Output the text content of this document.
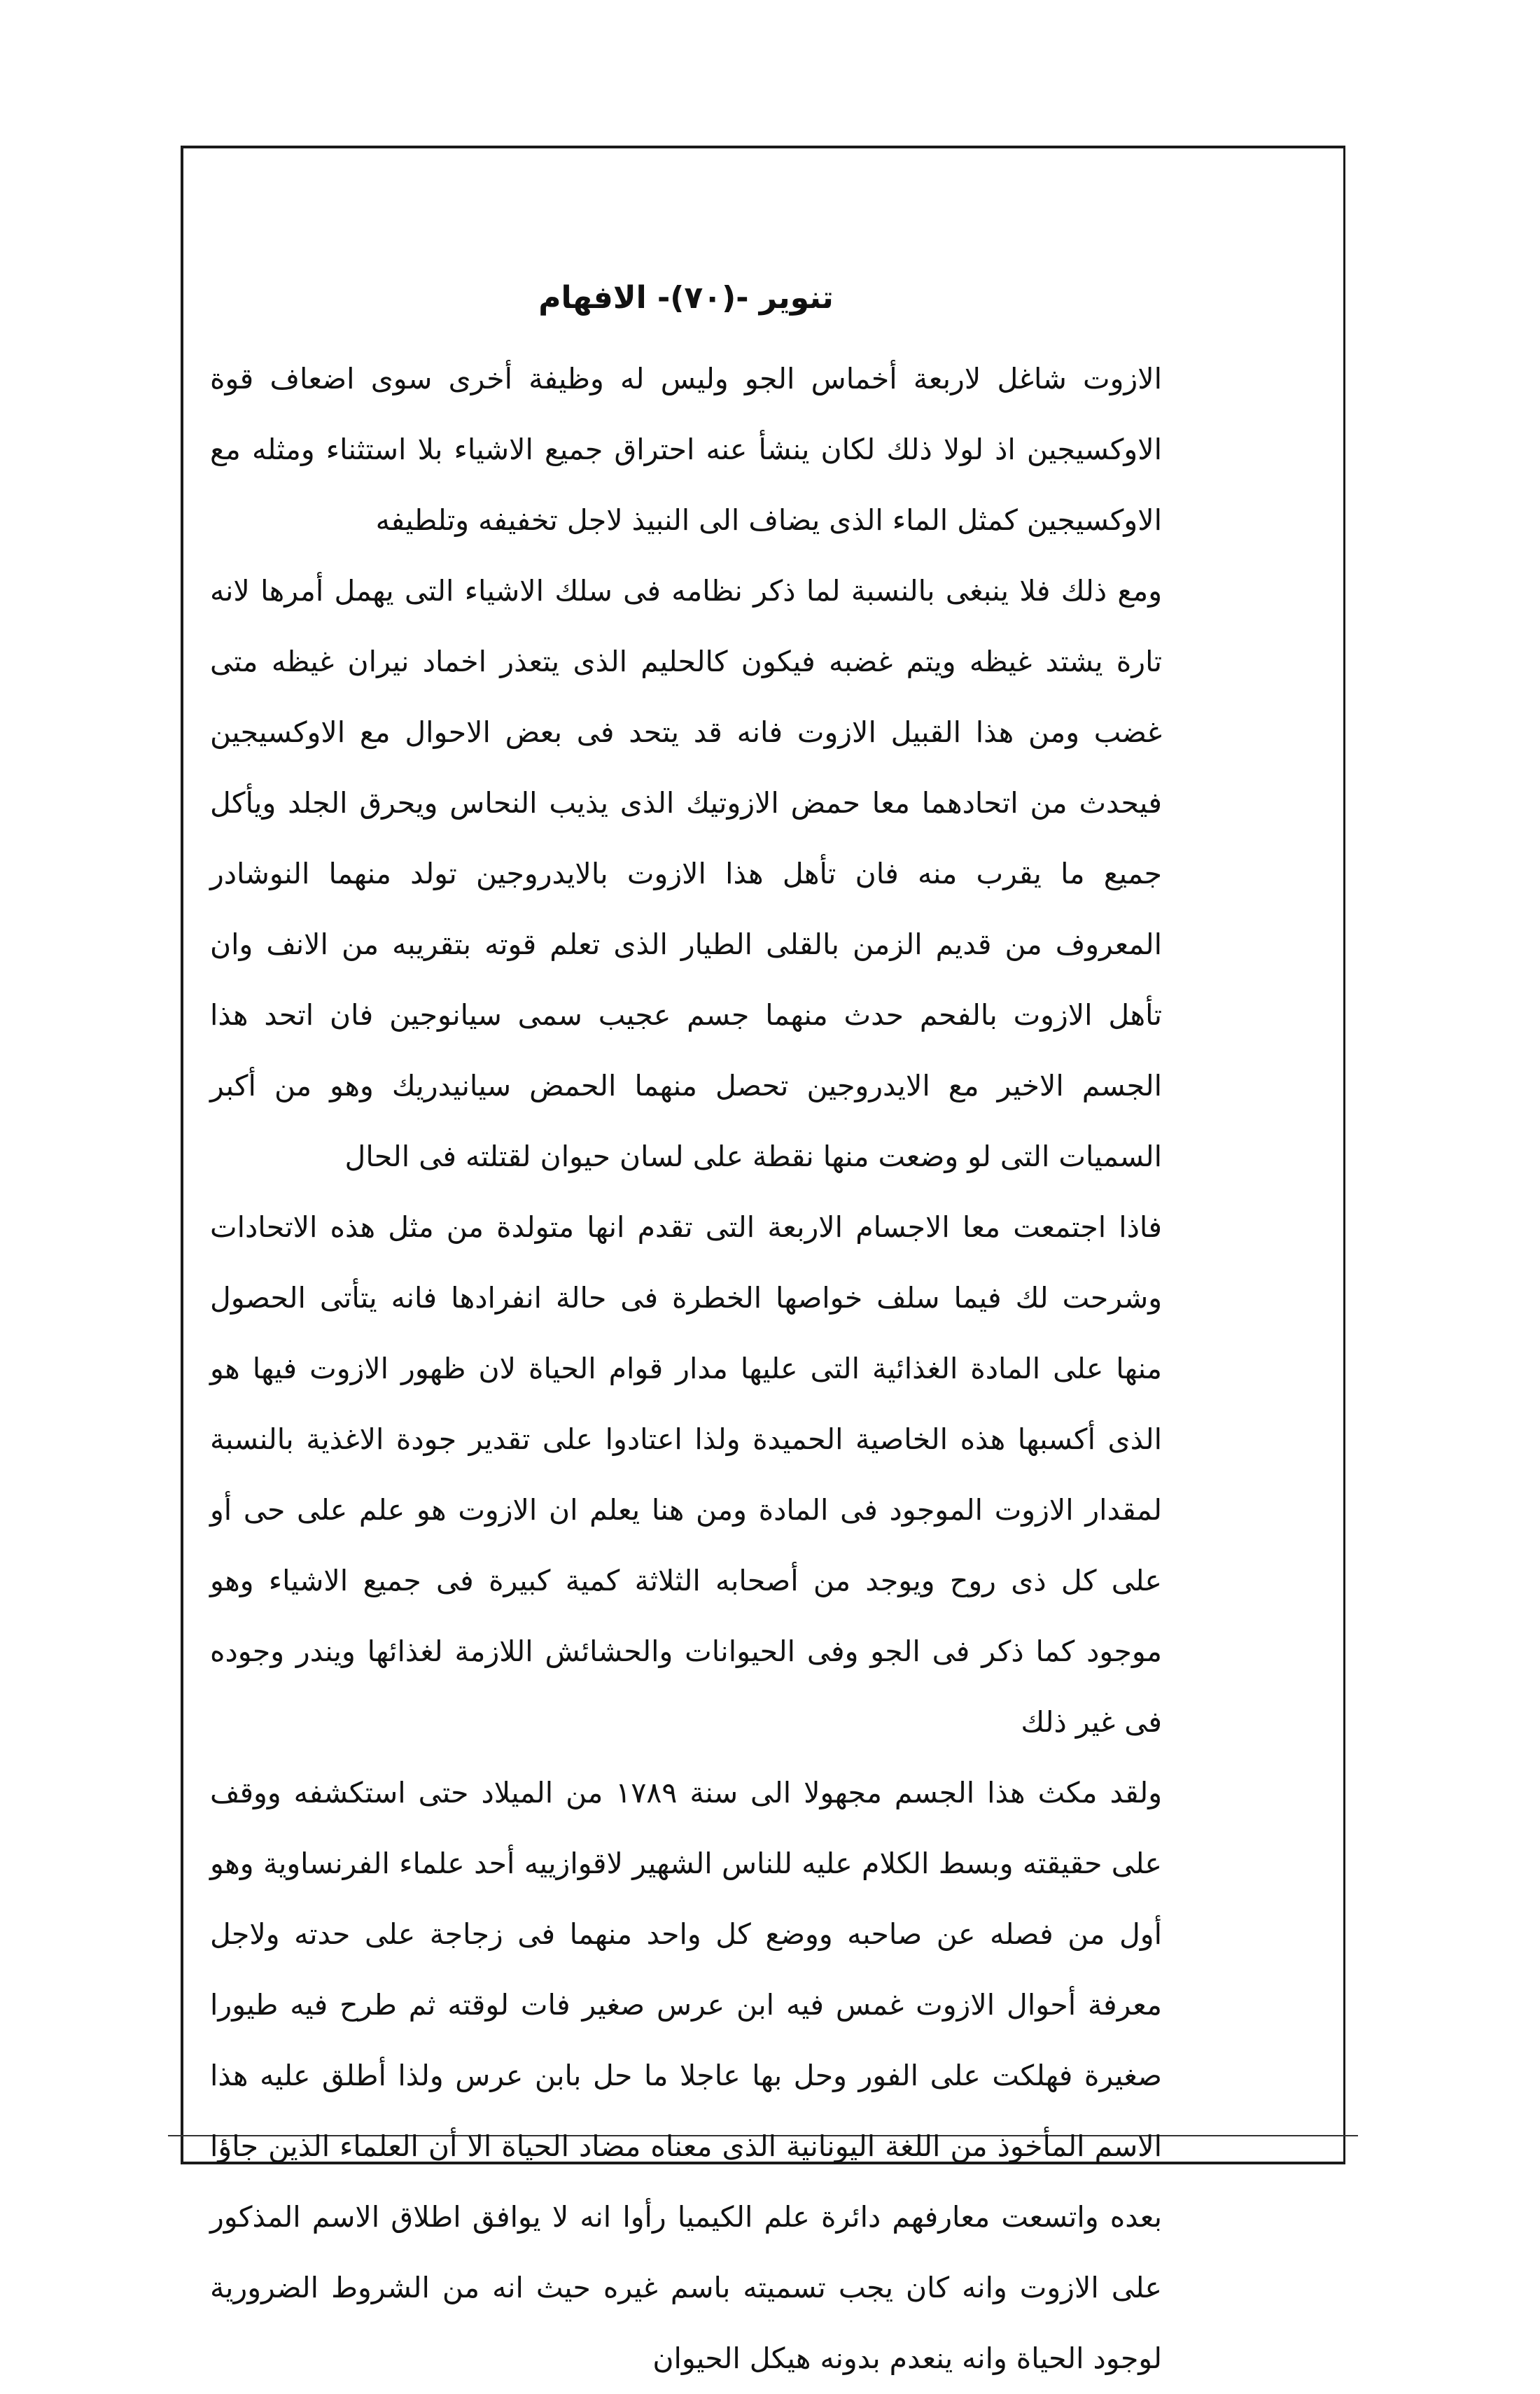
تنوير -(٧٠)- الافهام

الازوت شاغل لاربعة أخماس الجو وليس له وظيفة أخرى سوى اضعاف قوة الاوكسيجين اذ لولا ذلك لكان ينشأ عنه احتراق جميع الاشياء بلا استثناء ومثله مع الاوكسيجين كمثل الماء الذى يضاف الى النبيذ لاجل تخفيفه وتلطيفه

ومع ذلك فلا ينبغى بالنسبة لما ذكر نظامه فى سلك الاشياء التى يهمل أمرها لانه تارة يشتد غيظه ويتم غضبه فيكون كالحليم الذى يتعذر اخماد نيران غيظه متى غضب ومن هذا القبيل الازوت فانه قد يتحد فى بعض الاحوال مع الاوكسيجين فيحدث من اتحادهما معا حمض الازوتيك الذى يذيب النحاس ويحرق الجلد ويأكل جميع ما يقرب منه فان تأهل هذا الازوت بالايدروجين تولد منهما النوشادر المعروف من قديم الزمن بالقلى الطيار الذى تعلم قوته بتقريبه من الانف وان تأهل الازوت بالفحم حدث منهما جسم عجيب سمى سيانوجين فان اتحد هذا الجسم الاخير مع الايدروجين تحصل منهما الحمض سيانيدريك وهو من أكبر السميات التى لو وضعت منها نقطة على لسان حيوان لقتلته فى الحال

فاذا اجتمعت معا الاجسام الاربعة التى تقدم انها متولدة من مثل هذه الاتحادات وشرحت لك فيما سلف خواصها الخطرة فى حالة انفرادها فانه يتأتى الحصول منها على المادة الغذائية التى عليها مدار قوام الحياة لان ظهور الازوت فيها هو الذى أكسبها هذه الخاصية الحميدة ولذا اعتادوا على تقدير جودة الاغذية بالنسبة لمقدار الازوت الموجود فى المادة ومن هنا يعلم ان الازوت هو علم على حى أو على كل ذى روح ويوجد من أصحابه الثلاثة كمية كبيرة فى جميع الاشياء وهو موجود كما ذكر فى الجو وفى الحيوانات والحشائش اللازمة لغذائها ويندر وجوده فى غير ذلك

ولقد مكث هذا الجسم مجهولا الى سنة ١٧٨٩ من الميلاد حتى استكشفه ووقف على حقيقته وبسط الكلام عليه للناس الشهير لاقوازييه أحد علماء الفرنساوية وهو أول من فصله عن صاحبه ووضع كل واحد منهما فى زجاجة على حدته ولاجل معرفة أحوال الازوت غمس فيه ابن عرس صغير فات لوقته ثم طرح فيه طيورا صغيرة فهلكت على الفور وحل بها عاجلا ما حل بابن عرس ولذا أطلق عليه هذا الاسم المأخوذ من اللغة اليونانية الذى معناه مضاد الحياة الا أن العلماء الذين جاؤا بعده واتسعت معارفهم دائرة علم الكيميا رأوا انه لا يوافق اطلاق الاسم المذكور على الازوت وانه كان يجب تسميته باسم غيره حيث انه من الشروط الضرورية لوجود الحياة وانه ينعدم بدونه هيكل الحيوان
